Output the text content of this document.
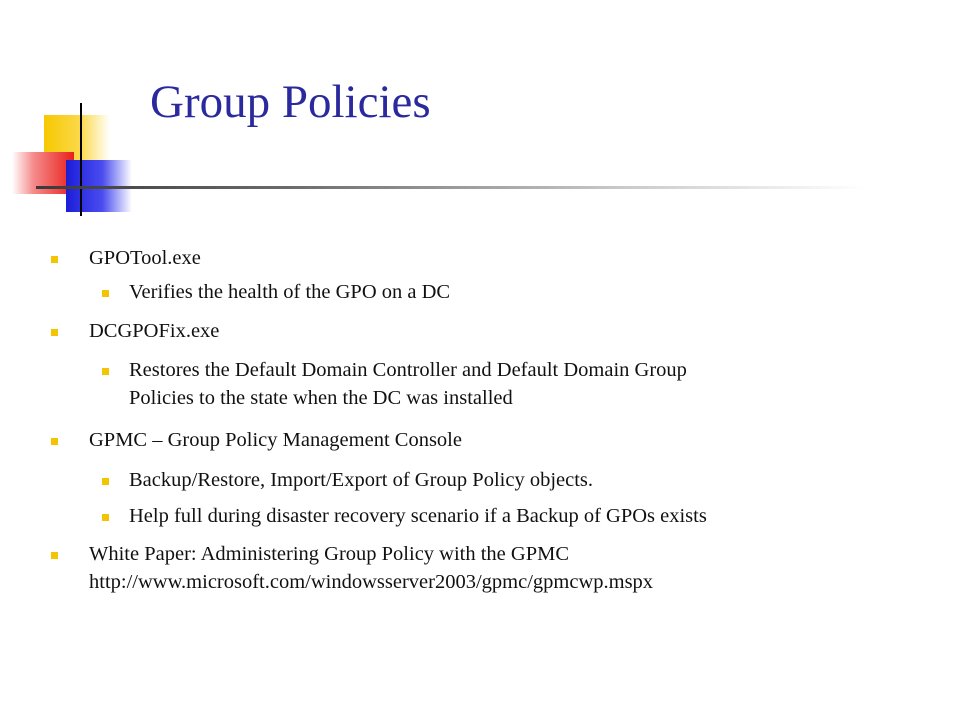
Group Policies
GPOTool.exe
Verifies the health of the GPO on a DC
DCGPOFix.exe
Restores the Default Domain Controller and Default Domain Group
Policies to the state when the DC was installed
GPMC – Group Policy Management Console
Backup/Restore, Import/Export of Group Policy objects.
Help full during disaster recovery scenario if a Backup of GPOs exists
White Paper: Administering Group Policy with the GPMC
http://www.microsoft.com/windowsserver2003/gpmc/gpmcwp.mspx
